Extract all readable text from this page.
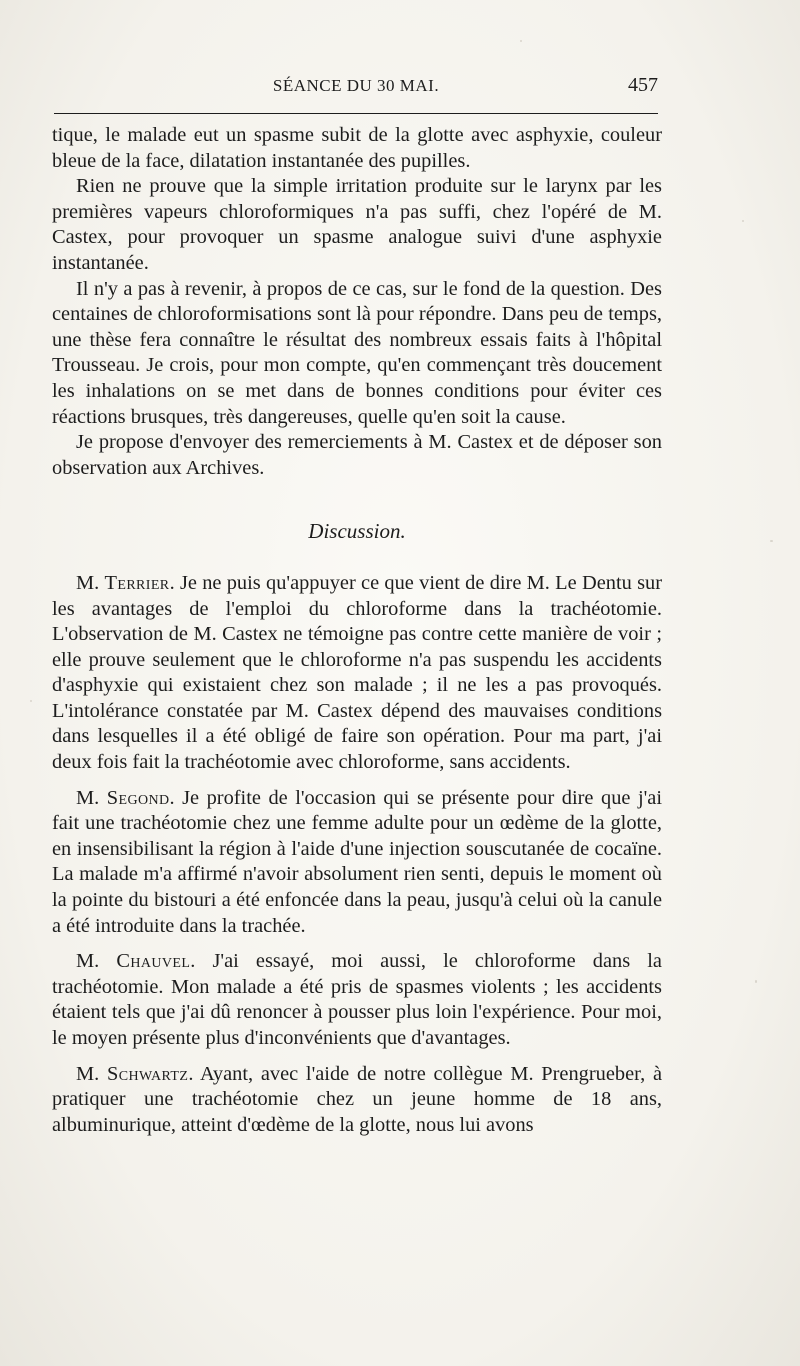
SÉANCE DU 30 MAI.	457

tique, le malade eut un spasme subit de la glotte avec asphyxie, couleur bleue de la face, dilatation instantanée des pupilles.

Rien ne prouve que la simple irritation produite sur le larynx par les premières vapeurs chloroformiques n'a pas suffi, chez l'opéré de M. Castex, pour provoquer un spasme analogue suivi d'une asphyxie instantanée.

Il n'y a pas à revenir, à propos de ce cas, sur le fond de la question. Des centaines de chloroformisations sont là pour répondre. Dans peu de temps, une thèse fera connaître le résultat des nombreux essais faits à l'hôpital Trousseau. Je crois, pour mon compte, qu'en commençant très doucement les inhalations on se met dans de bonnes conditions pour éviter ces réactions brusques, très dangereuses, quelle qu'en soit la cause.

Je propose d'envoyer des remerciements à M. Castex et de déposer son observation aux Archives.

Discussion.

M. Terrier. Je ne puis qu'appuyer ce que vient de dire M. Le Dentu sur les avantages de l'emploi du chloroforme dans la trachéotomie. L'observation de M. Castex ne témoigne pas contre cette manière de voir ; elle prouve seulement que le chloroforme n'a pas suspendu les accidents d'asphyxie qui existaient chez son malade ; il ne les a pas provoqués. L'intolérance constatée par M. Castex dépend des mauvaises conditions dans lesquelles il a été obligé de faire son opération. Pour ma part, j'ai deux fois fait la trachéotomie avec chloroforme, sans accidents.

M. Segond. Je profite de l'occasion qui se présente pour dire que j'ai fait une trachéotomie chez une femme adulte pour un œdème de la glotte, en insensibilisant la région à l'aide d'une injection souscutanée de cocaïne. La malade m'a affirmé n'avoir absolument rien senti, depuis le moment où la pointe du bistouri a été enfoncée dans la peau, jusqu'à celui où la canule a été introduite dans la trachée.

M. Chauvel. J'ai essayé, moi aussi, le chloroforme dans la trachéotomie. Mon malade a été pris de spasmes violents ; les accidents étaient tels que j'ai dû renoncer à pousser plus loin l'expérience. Pour moi, le moyen présente plus d'inconvénients que d'avantages.

M. Schwartz. Ayant, avec l'aide de notre collègue M. Prengrueber, à pratiquer une trachéotomie chez un jeune homme de 18 ans, albuminurique, atteint d'œdème de la glotte, nous lui avons
